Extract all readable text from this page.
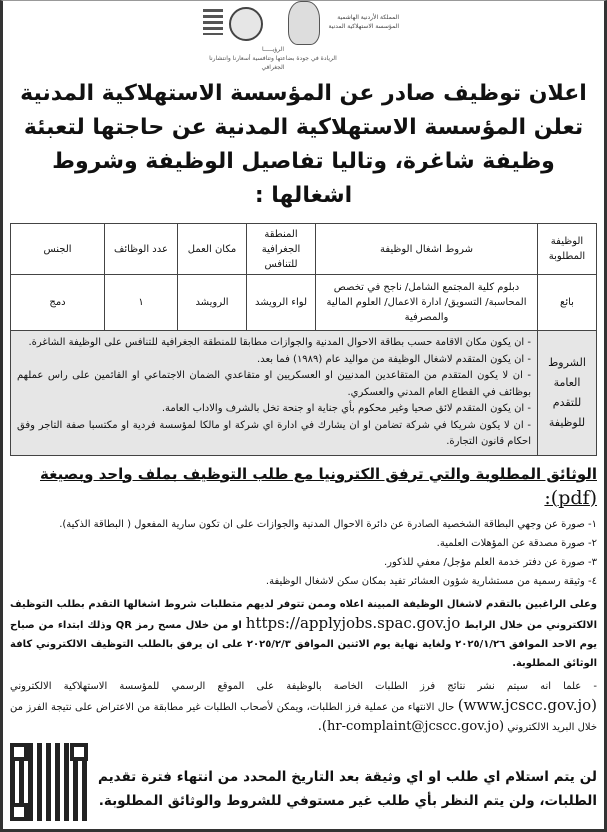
المملكة الأردنية الهاشمية
المؤسسة الاستهلاكية المدنية
الرؤيـــــا
الريادة في جودة بضاعتها وتنافسية أسعارنا وانتشارنا الجغرافي
اعلان توظيف صادر عن المؤسسة الاستهلاكية المدنية
تعلن المؤسسة الاستهلاكية المدنية عن حاجتها لتعبئة
وظيفة شاغرة، وتاليا تفاصيل الوظيفة وشروط اشغالها :
الوظيفة المطلوبة	شروط اشغال الوظيفة	المنطقة الجغرافية للتنافس	مكان العمل	عدد الوظائف	الجنس
بائع	دبلوم كلية المجتمع الشامل/ ناجح في تخصص المحاسبة/ التسويق/ ادارة الاعمال/ العلوم المالية والمصرفية	لواء الرويشد	الرويشد	١	دمج
الشروط العامة للتقدم للوظيفة	- ان يكون مكان الاقامة حسب بطاقة الاحوال المدنية والجوازات مطابقا للمنطقة الجغرافية للتنافس على الوظيفة الشاغرة.
- ان يكون المتقدم لاشغال الوظيفة من مواليد عام (١٩٨٩) فما بعد.
- ان لا يكون المتقدم من المتقاعدين المدنيين او العسكريين او متقاعدي الضمان الاجتماعي او القائمين على راس عملهم بوظائف في القطاع العام المدني والعسكري.
- ان يكون المتقدم لائق صحيا وغير محكوم بأي جناية او جنحة تخل بالشرف والاداب العامة.
- ان لا يكون شريكا في شركة تضامن او ان يشارك في ادارة اي شركة او مالكا لمؤسسة فردية او مكتسبا صفة التاجر وفق احكام قانون التجارة.				
الوثائق المطلوبة والتي ترفق الكترونيا مع طلب التوظيف بملف واحد وبصيغة (pdf):
١- صورة عن وجهي البطاقة الشخصية الصادرة عن دائرة الاحوال المدنية والجوازات على ان تكون سارية المفعول ( البطاقة الذكية).
٢- صورة مصدقة عن المؤهلات العلمية.
٣- صورة عن دفتر خدمة العلم مؤجل/ معفي للذكور.
٤- وثيقة رسمية من مستشارية شؤون العشائر تفيد بمكان سكن لاشغال الوظيفة.
وعلى الراغبين بالتقدم لاشغال الوظيفة المبينة اعلاه وممن تتوفر لديهم متطلبات شروط اشغالها التقدم بطلب التوظيف الالكتروني من خلال الرابط https://applyjobs.spac.gov.jo او من خلال مسح رمز QR وذلك ابتداء من صباح يوم الاحد الموافق ٢٠٢٥/١/٢٦ ولغاية نهاية يوم الاثنين الموافق ٢٠٢٥/٢/٣ على ان يرفق بالطلب التوظيف الالكتروني كافة الوثائق المطلوبة.
- علما انه سيتم نشر نتائج فرز الطلبات الخاصة بالوظيفة على الموقع الرسمي للمؤسسة الاستهلاكية الالكتروني (www.jcscc.gov.jo) حال الانتهاء من عملية فرز الطلبات، ويمكن لأصحاب الطلبات غير مطابقة من الاعتراض على نتيجة الفرز من خلال البريد الالكتروني (hr-complaint@jcscc.gov.jo).
لن يتم استلام اي طلب او اي وثيقة بعد التاريخ المحدد من انتهاء فترة تقديم الطلبات، ولن يتم النظر بأي طلب غير مستوفي للشروط والوثائق المطلوبة.
